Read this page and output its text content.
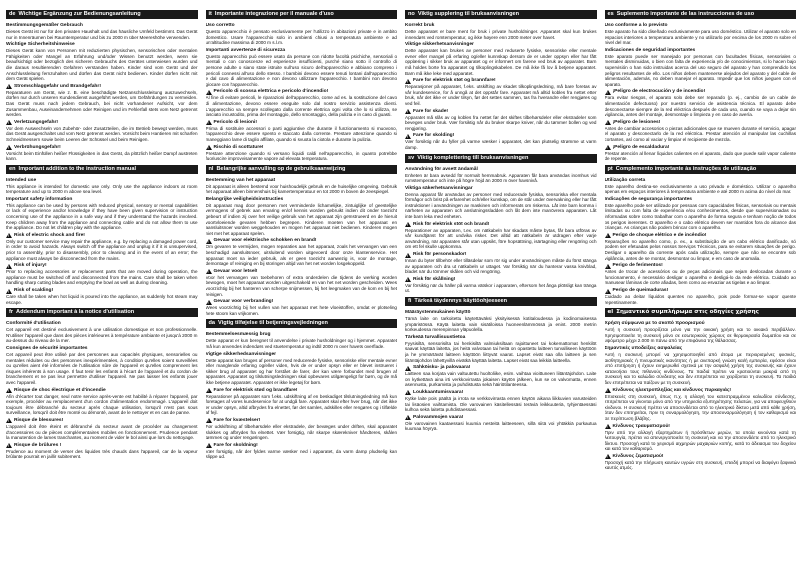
de Wichtige Ergänzung zur Bedienungsanleitung
Bestimmungsgemäßer Gebrauch
Dieses Gerät ist nur für den privaten Haushalt und das häusliche Umfeld bestimmt. Das Gerät nur in Innenräumen bei Raumtemperatur und bis zu 2000 m über Meereshöhe verwenden.
Wichtige Sicherheitshinweise
Dieses Gerät kann von Personen mit reduzierten physischen, sensorischen oder mentalen Fähigkeiten oder Mangel an Erfahrung und/oder Wissen benutzt werden, wenn sie beaufsichtigt oder bezüglich des sicheren Gebrauchs des Gerätes unterwiesen wurden und die daraus resultierenden Gefahren verstanden haben. Kinder sind vom Gerät und der Anschlussleitung fernzuhalten und dürfen das Gerät nicht bedienen. Kinder dürfen nicht mit dem Gerät spielen.
!
Stromschlaggefahr und Brandgefahr!
Reparaturen am Gerät, wie z. B. eine beschädigte Netzanschlussleitung auszuwechseln, dürfen nur durch unseren Kundendienst ausgeführt werden, um Gefährdungen zu vermeiden. Das Gerät muss nach jedem Gebrauch, bei nicht vorhandener Aufsicht, vor dem Zusammenbau, Auseinandernehmen oder Reinigen und im Fehlerfall stets vom Netz getrennt werden.
!
Verletzungsgefahr!
Vor dem Auswechseln von Zubehör- oder Zusatzteilen, die im Betrieb bewegt werden, muss das Gerät ausgeschaltet und vom Netz getrennt werden. Vorsicht beim Hantieren mit scharfen Schneidmessern sowie beim Leeren der Schüssel und beim Reinigen.
!
Verbrühungsgefahr!
Vorsicht beim Einfüllen heißer Flüssigkeiten in das Gerät, da plötzlich heißer Dampf austreten kann.
en Important addition to the instruction manual
Intended use
This appliance is intended for domestic use only. Only use the appliance indoors at room temperature and up to 2000 m above sea level.
Important safety information
This appliance can be used by persons with reduced physical, sensory or mental capabilities or lack of experience and/or knowledge if they have been given supervision or instruction concerning use of the appliance in a safe way and if they understand the hazards involved. Keep children away from the appliance and connecting cable and do not allow them to use the appliance. Do not let children play with the appliance.
!
Risk of electric shock and fire!
Only our customer service may repair the appliance, e.g. by replacing a damaged power cord, in order to avoid hazards. Always switch off the appliance and unplug it if it is unsupervised, prior to assembly, prior to disassembly, prior to cleaning and in the event of an error; the appliance must always be disconnected from the mains.
!
Risk of injury!
Prior to replacing accessories or replacement parts that are moved during operation, the appliance must be switched off and disconnected from the mains. Care shall be taken when handling sharp cutting blades and emptying the bowl as well as during cleaning.
!
Risk of scalding!
Care shall be taken when hot liquid is poured into the appliance, as suddenly hot steam may escape.
fr Addendum important à la notice d'utilisation
Conformité d'utilisation
Cet appareil est destiné exclusivement à une utilisation domestique et non professionnelle. N'utiliser l'appareil que dans des pièces intérieures à température ambiante et jusqu'à 2000 m au-dessus du niveau de la mer.
Consignes de sécurité importantes
Cet appareil peut être utilisé par des personnes aux capacités physiques, sensorielles ou mentales réduites ou des personnes inexpérimentées, à condition qu'elles soient surveillées ou qu'elles aient été informées de l'utilisation sûre de l'appareil et qu'elles comprennent les risques inhérents à son usage. Il faut tenir les enfants à l'écart de l'appareil et du cordon de branchement et ne pas leur permettre d'utiliser l'appareil. Ne pas laisser les enfants jouer avec l'appareil.
!
Risque de choc électrique et d'incendie
Afin d'écarter tout danger, seul notre service après-vente est habilité à réparer l'appareil, par exemple, procéder au remplacement d'un cordon d'alimentation endommagé. L'appareil doit toujours être débranché du secteur après chaque utilisation, lorsqu'il n'est pas sous surveillance, lorsqu'il doit être monté ou démonté, avant de le nettoyer et en cas de panne.
!
Risque de blessures!
L'appareil doit être éteint et débranché du secteur avant de procéder au changement d'accessoires ou de pièces complémentaires mobiles en fonctionnement. Prudence pendant la manutention de lames tranchantes, au moment de vider le bol ainsi que lors du nettoyage.
!
Risque de brûlures !
Prudence au moment de verser des liquides très chauds dans l'appareil, car de la vapeur brûlante pourrait en jaillir subitement.
it Importante integrazione per il manuale d'uso
Uso corretto
Questo apparecchio è pensato esclusivamente per l'utilizzo in abitazioni private e in ambito domestico. Usare l'apparecchio solo in ambienti chiusi a temperatura ambiente e ad un'altitudine massima di 2000 m s.l.m.
Importanti avvertenze di sicurezza
Questo apparecchio può essere usato da persone con ridotte facoltà psichiche, sensoriali o mentali o con conoscenze ed esperienze insufficienti, purché siano sotto il controllo di persone adulte o siano state istruite sull'uso sicuro dell'apparecchio e abbiano compreso i pericoli connessi all'uso dello stesso. I bambini devono essere tenuti lontani dall'apparecchio e dal cavo di alimentazione e non devono utilizzare l'apparecchio. I bambini non devono giocare con l'apparecchio.
!
Pericolo di scossa elettrica e pericolo d'incendio!
Al fine di evitare pericoli, le riparazioni dell'apparecchio, come ad es. la sostituzione del cavo di alimentazione, devono essere eseguite solo dal nostro servizio assistenza clienti. L'apparecchio va sempre scollegato dalla corrente elettrica ogni volta che lo si utilizza, se lasciato incustodito, prima del montaggio, dello smontaggio, della pulizia e in caso di guasti.
!
Pericolo di lesioni!
Prima di sostituire accessori o parti aggiuntive che durante il funzionamento si muovono, l'apparecchio deve essere spento e staccato dalla corrente. Prestare attenzione quando si maneggiano lame di taglio affilate, quando si svuota la ciotola e durante la pulizia.
!
Rischio di scottature!
Prestare attenzione quando si versano liquidi caldi nell'apparecchio, in quanto potrebbe fuoriuscire improvvisamente vapore ad elevata temperatura.
nl Belangrijke aanvulling op de gebruiksaanwijzing
Bestemming van het apparaat
Dit apparaat is alleen bestemd voor huishoudelijk gebruik en de huiselijke omgeving. Gebruik het apparaat alleen binnenshuis bij kamertemperatuur en tot 2000 m boven de zeespiegel.
Belangrijke veiligheidsinstructies
Dit apparaat mag door personen met verminderde lichamelijke, zintuiglijke of geestelijke vermogens of gebrek aan ervaring en/of kennis worden gebruikt indien dit onder toezicht gebeurt of indien zij over het veilige gebruik van het apparaat zijn geïnstrueerd en de hieruit voortvloeiende gevaren hebben begrepen. Kinderen moeten van het apparaat en aansluitsnoer worden weggehouden en mogen het apparaat niet bedienen. Kinderen mogen niet met het apparaat spelen.
!
Gevaar voor elektrische schokken en brand!
Om gevaren te vermijden, mogen reparaties aan het apparaat, zoals het vervangen van een beschadigd aansluitsnoer, uitsluitend worden uitgevoerd door onze klantenservice. Het apparaat moet na ieder gebruik, als er geen toezicht aanwezig is, voor de montage, demontage of reiniging en bij storingen altijd van het net worden losgekoppeld.
!
Gevaar voor letsel!
Voor het vervangen van toebehoren of extra onderdelen die tijdens de werking worden bewogen, moet het apparaat worden uitgeschakeld en van het net worden gescheiden. Wees voorzichtig bij het hanteren van scherpe snijmessen, bij het leegmaken van de kom en bij het reinigen.
!
Gevaar voor verbranding!
Wees voorzichtig bij het vullen van het apparaat met hete vloeistoffen, omdat er plotseling hete stoom kan vrijkomen.
da Vigtig tilføjelse til betjeningsvejledningen
Bestemmelsesmæssig brug
Dette apparat er kun beregnet til anvendelse i private husholdninger og i hjemmet. Apparatet må kun anvendes indendørs ved stuetemperatur og indtil 2000 m over havets overflade.
Vigtige sikkerhedsanvisninger
Dette apparat kan bruges af personer med reducerede fysiske, sensoriske eller mentale evner eller manglende erfaring og/eller viden, hvis de er under opsyn eller er blevet instrueret i sikker brug af apparatet og har forstået de farer, der kan være forbundet med brugen af apparatet. Apparatet og tilslutningsledningen skal opbevares utilgængeligt for børn, og de må ikke betjene apparatet. Apparatet er ikke legetøj for børn.
!
Fare for elektrisk stød og brandfare!
Reparationer på apparatet som f.eks. udskiftning af en beskadiget tilslutningsledning må kun foretages af vores kundeservice for at undgå fare. Apparatet skal efter hver brug, når det ikke er under opsyn, altid afbrydes fra elnettet, før det samles, adskilles eller rengøres og i tilfælde af fejl.
!
Fare for kvæstelser!
Før udskiftning af tilbehørsdele eller ekstradele, der bevæges under driften, skal apparatet slukkes og afbrydes fra elnettet. Vær forsigtig, når skarpe skærekniver håndteres, skålen tømmes og under rengøringen.
!
Fare for skoldning!
Vær forsigtig, når der fyldes varme væsker ned i apparatet, da varm damp pludselig kan slippe ud.
no Viktig supplering til bruksanvisningen
Korrekt bruk
Dette apparatet er bare ment for bruk i private husholdninger. Apparatet skal kun brukes innendørs ved romtemperatur, og ikke høyere enn 2000 meter over havet.
Viktige sikkerhetsanvisninger
Dette apparatet kan brukes av personer med reduserte fysiske, sensoriske eller mentale evner eller mangel på erfaring og/eller kunnskap dersom de er under oppsyn eller har fått opplæring i sikker bruk av apparatet og er informert om farene ved bruk av apparatet. Barn må holdes borte fra apparatet og tilkoplingskabelen. De må ikke få lov å betjene apparatet. Barn må ikke leke med apparatet.
!
Fare for elektrisk støt og brannfare!
Reparasjoner på apparatet, f.eks. utskifting av skadet tilkoplingsledning, må bare foretas av vår kundeservice, for å unngå at det oppstår fare. Apparatet må alltid kobles fra nettet etter bruk, når det ikke er under tilsyn, før det settes sammen, tas fra hverandre eller rengjøres og ved feil.
!
Fare for skade!
Apparatet må slås av og kobles fra nettet før det skiftes tilbehørsdeler eller ekstradeler som beveges under bruk. Vær forsiktig når du bruker skarpe kniver, når du tømmer bollen og ved rengjøring.
!
Fare for skolding!
Vær forsiktig når du fyller på varme væsker i apparatet, det kan plutselig strømme ut varm damp.
sv Viktig komplettering till bruksanvisningen
Användning för avsett ändamål
Enheten är bara avsedd för normalt hemmabruk. Apparaten får bara användas inomhus vid rumstemperatur och inte på högre höjd än 2000 m över havsnivå.
Viktiga säkerhetsanvisningar
Denna apparat får användas av personer med reducerade fysiska, sensoriska eller mentala förmågor och brist på erfarenhet och/eller kunskap, om de står under övervakning eller har fått instruktioner i användningen av maskinen och informerats om riskerna. Låt inte barn komma i närheten av apparaten och anslutningssladden och låt dem inte manövrera apparaten. Låt inte barn leka med enheten.
!
Risk för elektrisk stöt och brand!
Reparationer av apparaten, t.ex. om nätkabeln har skadats måste bytas, får bara utföras av vår kundtjänst för att undvika risker. Det alltid att nätkabeln är utdragen efter varje användning, när apparaten står utan uppsikt, före hopsättning, isärtagning eller rengöring och om ett fel skulle uppkomma.
!
Risk för personskador!
Innan du byter tillbehör eller tilläsdelar som rör sig under användningen måste du först stänga av apparaten och dra ut nätkabeln ur uttaget. Var försiktig när du hanterar vassa knivblad, bladet när du tömmer skålen och vid rengöring.
!
Risk för skållning!
Var försiktig när du häller på varma vätskor i apparaten, eftersom het ånga plötsligt kan tränga ut.
fi Tärkeä täydennys käyttöohjeeseen
Määräystenmukainen käyttö
Tämä laite on tarkoitettu käytettäväksi yksityisessä kotitaloudessa ja kodinomaisessa ympäristössä. Käytä laitetta vain sisätiloissa huoneenlämmössä ja enint. 2000 metrin korkeudessa merenpinnan yläpuolella.
Tärkeää turvallisuustietoa
Fyysisiltä, sensorisilta tai henkisiltä valmiuksiltaan rajoittuneet tai kokemattomat henkilöt saavat käyttää laitetta, jos heitä valvotaan tai heitä on opastettu laitteen turvalliseen käyttöön ja he ymmärtävät laitteen käyttöön liittyvät vaarat. Lapset eivät saa olla laitteen ja sen liitäntäjohdon lähettyvillä eivätkä käyttää laitetta. Lapset eivät saa leikkiä laitteella.
!
Sähköisku- ja palovaara!
Laitteen saa korjata vain valtuutettu huoltoliike, esim. vaihtaa vioittuneen liitäntäjohdon. Laite on kytkettävä aina irti verkkovirrasta jokaisen käytön jälkeen, kun se on valvomatta, ennen asennusta, purkamista ja puhdistusta sekä häiriötilanteessa.
!
Loukkaantumisvaara!
Kytke laite pois päältä ja irrota se verkkovirrasta ennen käytön aikana liikkuvien varusteiden tai lisäosien vaihtamista. Ole varovainen käsitellessäsi teräviä leikkuuteriä, tyhjentäessäsi kulhoa sekä laitetta puhdistaessasi.
!
Palovammojen vaara!
Ole varovainen kaataessasi kuumia nesteitä laitteeseen, sillä siitä voi yhtäkkiä purkautua kuumaa höyryä.
es Suplemento importante de las instrucciones de uso
Uso conforme a lo previsto
Este aparato ha sido diseñado exclusivamente para uso doméstico. Utilizar el aparato solo en espacios interiores a temperatura ambiente y no utilizarlo por encima de los 2000 m sobre el nivel del mar.
Indicaciones de seguridad importantes
Este aparato puede ser manejado por personas con facultades físicas, sensoriales o mentales disminuidas, o bien con falta de experiencia y/o de conocimientos, si lo hacen bajo supervisión o han sido instruidas acerca del uso seguro del aparato y han comprendido los peligros resultantes de ello. Los niños deben mantenerse alejados del aparato y del cable de alimentación, además, no deben manejar el aparato. Impedir que los niños jueguen con el aparato.
!
¡Peligro de electrocución y de incendio!
Para evitar riesgos, el aparato solo debe ser reparado (p. ej., cambio de un cable de alimentación defectuoso) por nuestro servicio de asistencia técnica. El aparato debe desconectarse siempre de la red eléctrica después de cada uso, cuando se vaya a dejar sin vigilancia, antes del montaje, desmontaje o limpieza y en caso de avería.
!
¡Peligro de lesiones!
Antes de cambiar accesorios o piezas adicionales que se mueven durante el servicio, apagar el aparato y desconectarlo de la red eléctrica. Prestar atención al manipular las cuchillas cortantes, así como al vaciar y limpiar el recipiente de mezcla.
!
¡Peligro de escaldadura!
Prestar atención al llenar líquidos calientes en el aparato, dado que puede salir vapor caliente de repente.
pt Complemento importante às instruções de utilização
Utilização correta
Este aparelho destina-se exclusivamente a uso privado e doméstico. Utilizar o aparelho apenas em espaços interiores à temperatura ambiente e até 2000 m acima do nível do mar.
Indicações de segurança importantes
Este aparelho pode ser utilizado por pessoas com capacidades físicas, sensoriais ou mentais limitadas ou com falta de experiência e/ou conhecimentos, desde que supervisionadas ou informadas sobre como trabalhar com o aparelho de forma segura e tenham noção de todos os perigos inerentes. O aparelho e o cabo elétrico devem ser mantidos fora do alcance das crianças. As crianças não podem brincar com o aparelho.
!
Perigo de choque elétrico e de incêndio!
Reparações no aparelho como, p. ex., a substituição de um cabo elétrico danificado, só podem ser efetuadas pelos nossos Serviços Técnicos, para se evitarem situações de perigo. Desligar o aparelho da corrente após cada utilização, sempre que não se encontre sob vigilância, antes de se montar, desmontar ou limpar, e em caso de anomalia.
!
Perigo de ferimentos!
Antes de trocar de acessórios ou de peças adicionais que sejam deslocadas durante o funcionamento, é necessário desligar o aparelho e desligá-lo da rede elétrica. Cuidado ao manusear lâminas de corte afiadas, bem como ao esvaziar as tigelas e ao limpar.
!
Perigo de queimaduras!
Cuidado ao deitar líquidos quentes no aparelho, pois pode formar-se vapor quente repentinamente.
el Σημαντικό συμπλήρωμα στις οδηγίες χρήσης
Χρήση σύμφωνα με το σκοπό προορισμού
Αυτή η συσκευή προορίζεται μόνο για την οικιακή χρήση και το οικιακό περιβάλλον. Χρησιμοποιείτε τη συσκευή μόνο σε εσωτερικούς χώρους σε θερμοκρασία δωματίου και σε υψόμετρο μέχρι 2.000 m πάνω από την επιφάνεια της θάλασσας.
Σημαντικές υποδείξεις ασφαλείας
Αυτή η συσκευή μπορεί να χρησιμοποιηθεί από άτομα με περιορισμένες φυσικές, αισθητηριακές ή πνευματικές ικανότητες ή με ανεπαρκή γνώση και/ή εμπειρία, εφόσον είναι υπό επιτήρηση ή έχουν ενημερωθεί σχετικά με την ασφαλή χρήση της συσκευής και έχουν κατανοήσει τους πιθανούς κινδύνους. Τα παιδιά πρέπει να κρατιούνται μακριά από τη συσκευή και το καλώδιο σύνδεσης και δεν επιτρέπεται να χειρίζονται τη συσκευή. Τα παιδιά δεν επιτρέπεται να παίζουν με τη συσκευή.
!
Κίνδυνος ηλεκτροπληξίας και κίνδυνος πυρκαγιάς!
Επισκευές στη συσκευή, όπως π.χ. η αλλαγή του κατεστραμμένου καλωδίου σύνδεσης, επιτρέπεται να γίνονται μόνο από την υπηρεσία εξυπηρέτησης πελατών, για να αποφευχθούν κίνδυνοι. Η συσκευή πρέπει να αποσυνδέεται από το ηλεκτρικό δίκτυο μετά από κάθε χρήση, όταν δεν επιτηρείται, πριν τη συναρμολόγηση, την αποσυναρμολόγηση ή τον καθαρισμό και σε περίπτωση βλάβης.
!
Κίνδυνος τραυματισμού!
Πριν από την αλλαγή εξαρτημάτων ή πρόσθετων μερών, τα οποία κινούνται κατά τη λειτουργία, πρέπει να απενεργοποιείτε τη συσκευή και να την αποσυνδέετε από το ηλεκτρικό δίκτυο. Προσοχή κατά το χειρισμό αιχμηρών μαχαιριών κοπής, κατά το άδειασμα του δοχείου και κατά τον καθαρισμό.
!
Κίνδυνος ζεματισμού!
Προσοχή κατά την πλήρωση καυτών υγρών στη συσκευή, επειδή μπορεί να διαφύγει ξαφνικά καυτός ατμός.
